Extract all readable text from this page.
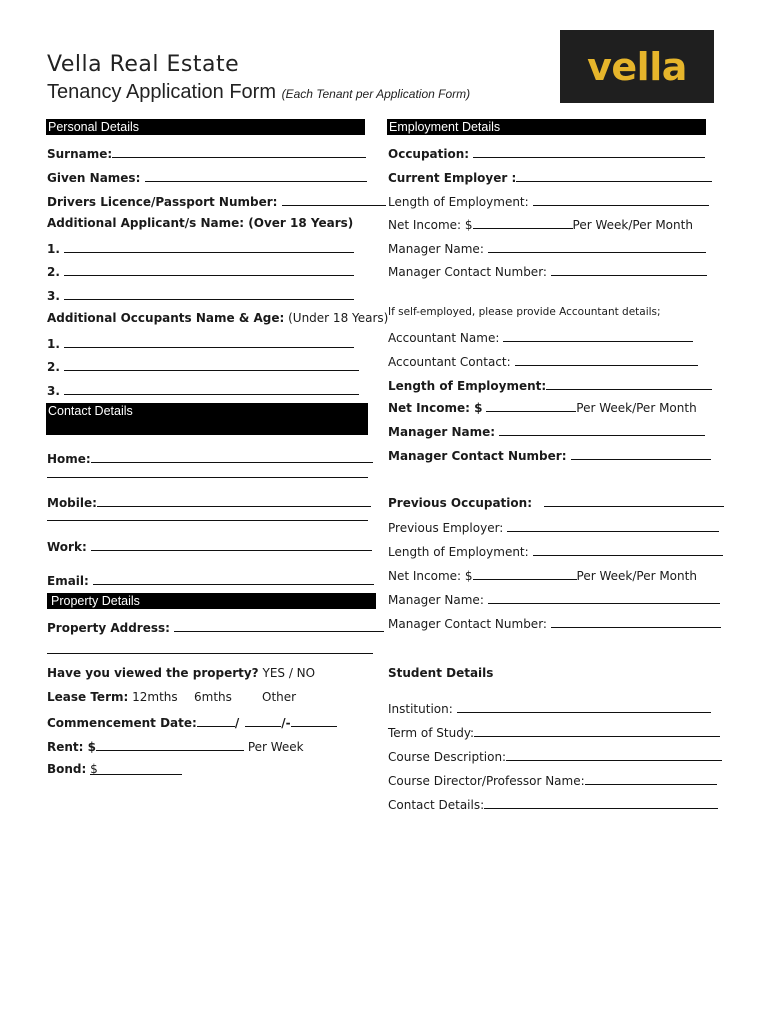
Vella Real Estate
Tenancy Application Form (Each Tenant per Application Form)
vella
Personal Details
Surname:
Given Names:
Drivers Licence/Passport Number:
Additional Applicant/s Name: (Over 18 Years)
1.
2.
3.
Additional Occupants Name & Age: (Under 18 Years)
1.
2.
3.
Contact Details
Home:
Mobile:
Work:
Email:
Property Details
Property Address:
Have you viewed the property? YES / NO
Lease Term: 12mths 6mths	Other
Commencement Date:	/	/-
Rent: $	Per Week
Bond: $
Employment Details
Occupation:
Current Employer :
Length of Employment:
Net Income: $	Per Week/Per Month
Manager Name:
Manager Contact Number:
If self-employed, please provide Accountant details;
Accountant Name:
Accountant Contact:
Length of Employment:
Net Income: $	Per Week/Per Month
Manager Name:
Manager Contact Number:
Previous Occupation:
Previous Employer:
Length of Employment:
Net Income: $	Per Week/Per Month
Manager Name:
Manager Contact Number:
Student Details
Institution:
Term of Study:
Course Description:
Course Director/Professor Name:
Contact Details:
